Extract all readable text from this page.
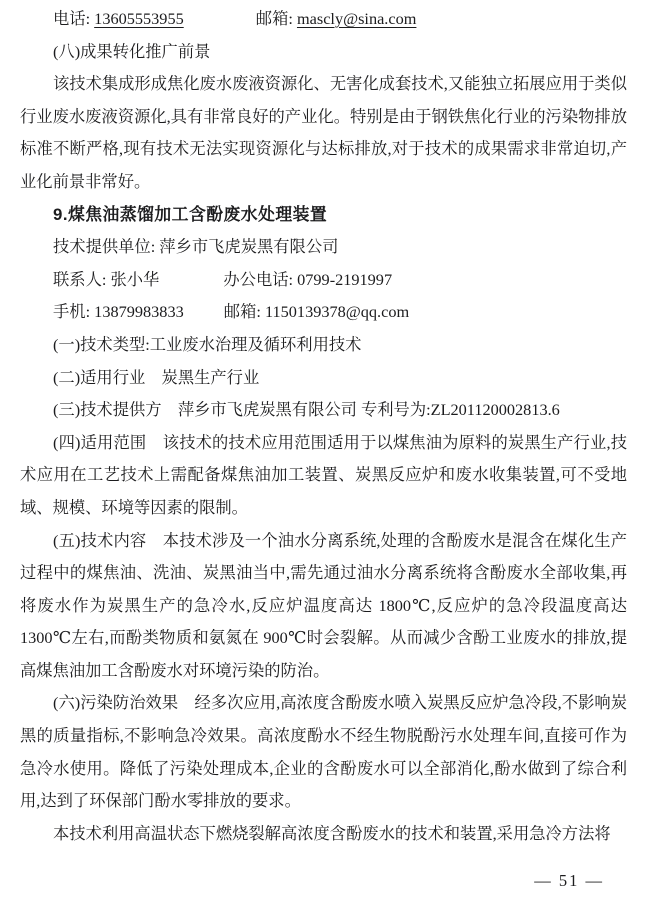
电话: 13605553955	邮箱: mascly@sina.com
(八)成果转化推广前景
该技术集成形成焦化废水废液资源化、无害化成套技术,又能独立拓展应用于类似行业废水废液资源化,具有非常良好的产业化。特别是由于钢铁焦化行业的污染物排放标准不断严格,现有技术无法实现资源化与达标排放,对于技术的成果需求非常迫切,产业化前景非常好。
9.煤焦油蒸馏加工含酚废水处理装置
技术提供单位: 萍乡市飞虎炭黑有限公司
联系人: 张小华	办公电话: 0799-2191997
手机: 13879983833 邮箱: 1150139378@qq.com
(一)技术类型:工业废水治理及循环利用技术
(二)适用行业　炭黑生产行业
(三)技术提供方　萍乡市飞虎炭黑有限公司 专利号为:ZL201120002813.6
(四)适用范围　该技术的技术应用范围适用于以煤焦油为原料的炭黑生产行业,技术应用在工艺技术上需配备煤焦油加工装置、炭黑反应炉和废水收集装置,可不受地域、规模、环境等因素的限制。
(五)技术内容　本技术涉及一个油水分离系统,处理的含酚废水是混含在煤化生产过程中的煤焦油、洗油、炭黑油当中,需先通过油水分离系统将含酚废水全部收集,再将废水作为炭黑生产的急冷水,反应炉温度高达 1800℃,反应炉的急冷段温度高达 1300℃左右,而酚类物质和氨氮在 900℃时会裂解。从而减少含酚工业废水的排放,提高煤焦油加工含酚废水对环境污染的防治。
(六)污染防治效果　经多次应用,高浓度含酚废水喷入炭黑反应炉急冷段,不影响炭黑的质量指标,不影响急冷效果。高浓度酚水不经生物脱酚污水处理车间,直接可作为急冷水使用。降低了污染处理成本,企业的含酚废水可以全部消化,酚水做到了综合利用,达到了环保部门酚水零排放的要求。
本技术利用高温状态下燃烧裂解高浓度含酚废水的技术和装置,采用急冷方法将
— 51 —
